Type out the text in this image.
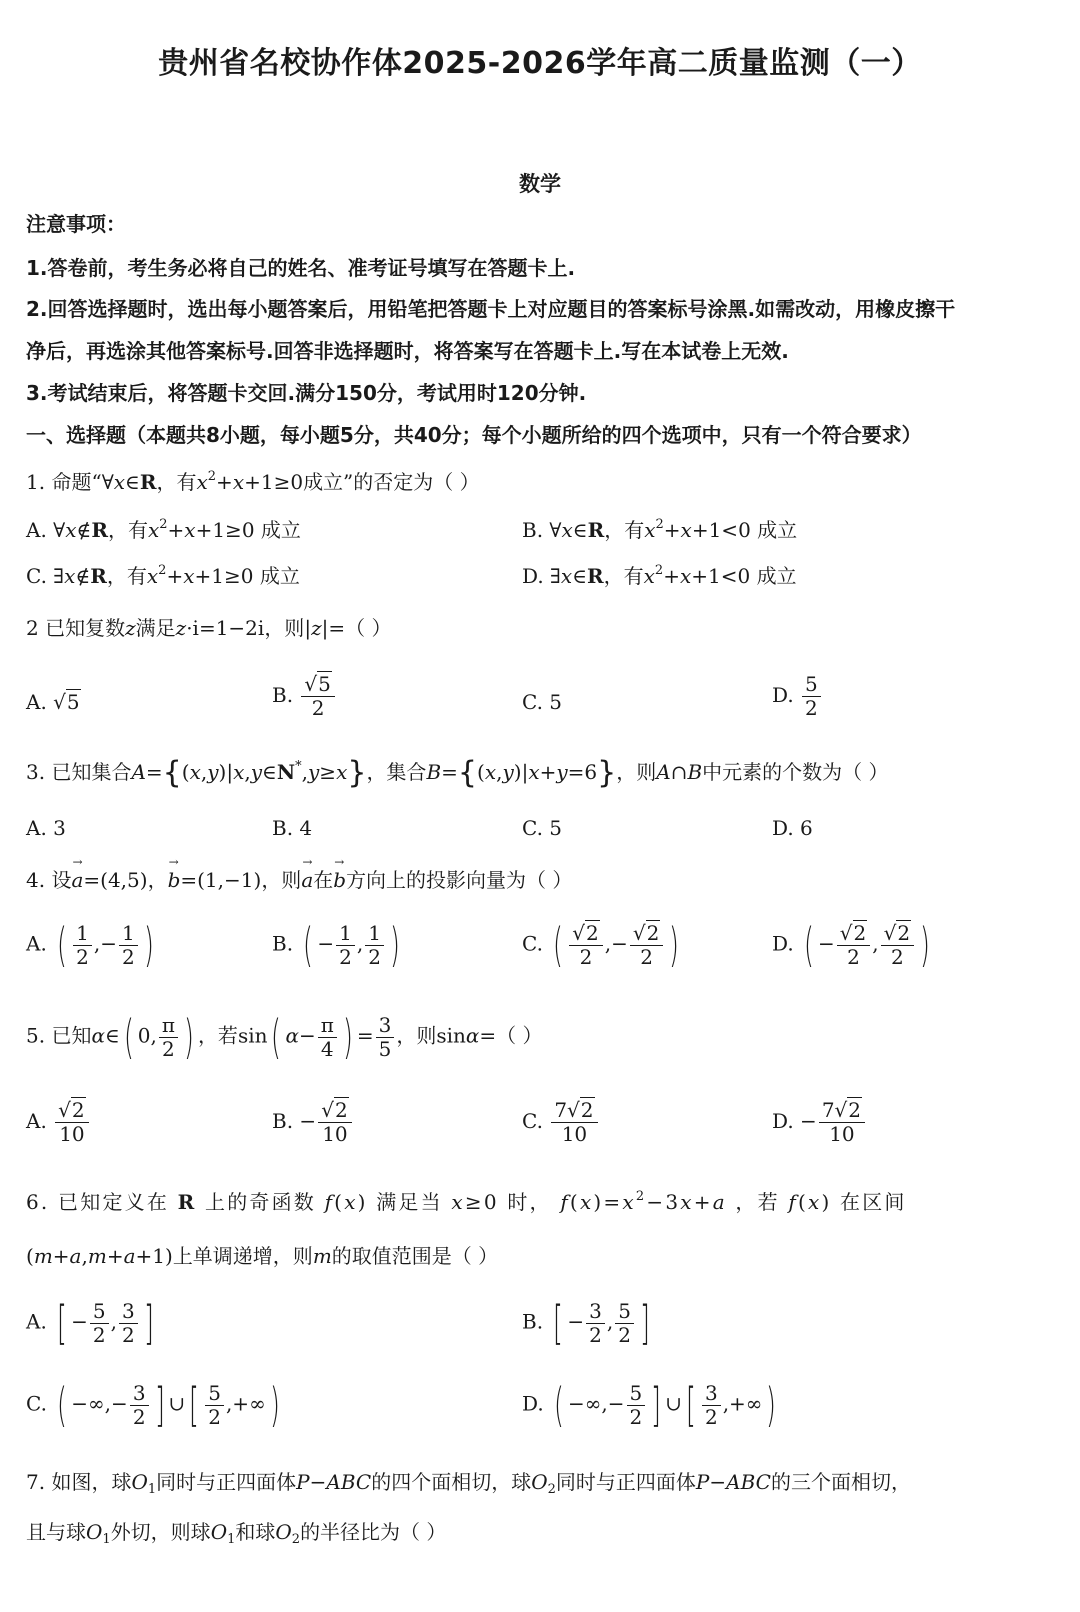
贵州省名校协作体2025-2026学年高二质量监测（一）
数学
注意事项：
1.答卷前，考生务必将自己的姓名、准考证号填写在答题卡上.
2.回答选择题时，选出每小题答案后，用铅笔把答题卡上对应题目的答案标号涂黑.如需改动，用橡皮擦干
净后，再选涂其他答案标号.回答非选择题时，将答案写在答题卡上.写在本试卷上无效.
3.考试结束后，将答题卡交回.满分150分，考试用时120分钟.
一、选择题（本题共8小题，每小题5分，共40分；每个小题所给的四个选项中，只有一个符合要求）
1. 命题“∀x∈R，有$x^2+x+1\ge 0$成立”的否定为（ ）
A. ∀x∉R，有$x^2+x+1\ge 0$ 成立	B. ∀x∈R，有$x^2+x+1<0$ 成立
C. ∃x∉R，有$x^2+x+1\ge 0$ 成立	D. ∃x∈R，有$x^2+x+1<0$ 成立
2 已知复数z满足z·i=1−2i，则|z|=（ ）
A. √5	B. $\frac{√5}{2}$	C. 5	D. $\frac{5}{2}$
3. 已知集合A={(x,y)|x,y∈N*,y≥x}，集合B={(x,y)|x+y=6}，则A∩B中元素的个数为（ ）
A. 3	B. 4	C. 5	D. 6
4. 设→ a=(4,5)，→ b=(1,−1)，则→ a在→ b方向上的投影向量为（ ）
A. ( $\frac{1}{2}$ ,− $\frac{1}{2}$ )	B. ( − $\frac{1}{2}$ , $\frac{1}{2}$ )	C. ( $\frac{√2}{2}$ ,− $\frac{√2}{2}$ )	D. ( − $\frac{√2}{2}$ , $\frac{√2}{2}$ )
5. 已知α∈( 0, $\frac{\pi}{2}$ ) ，若sin( $\alpha- \frac{\pi}{4}$ ) = $\frac{3}{5}$ ，则sinα=（ ）
A. $\frac{√2}{10}$	B. − $\frac{√2}{10}$	C. $\frac{7√2}{10}$	D. − $\frac{7√2}{10}$
6. 已知定义在 R 上的奇函数 f(x) 满足当 x≥0 时， $f(x)=x^2-3x+a$ ，若 f(x) 在区间
(m+a,m+a+1)上单调递增，则m的取值范围是（ ）
A. [ − $\frac{5}{2}$ , $\frac{3}{2}$ ]	B. [ − $\frac{3}{2}$ , $\frac{5}{2}$ ]
C. ( −∞,− $\frac{3}{2}$ ] ∪[ $\frac{5}{2}$ ,+∞)	D. ( −∞,− $\frac{5}{2}$ ] ∪[ $\frac{3}{2}$ ,+∞)
7. 如图，球$O_1$同时与正四面体P−ABC的四个面相切，球$O_2$同时与正四面体P−ABC的三个面相切，
且与球$O_1$外切，则球$O_1$和球$O_2$的半径比为（ ）
